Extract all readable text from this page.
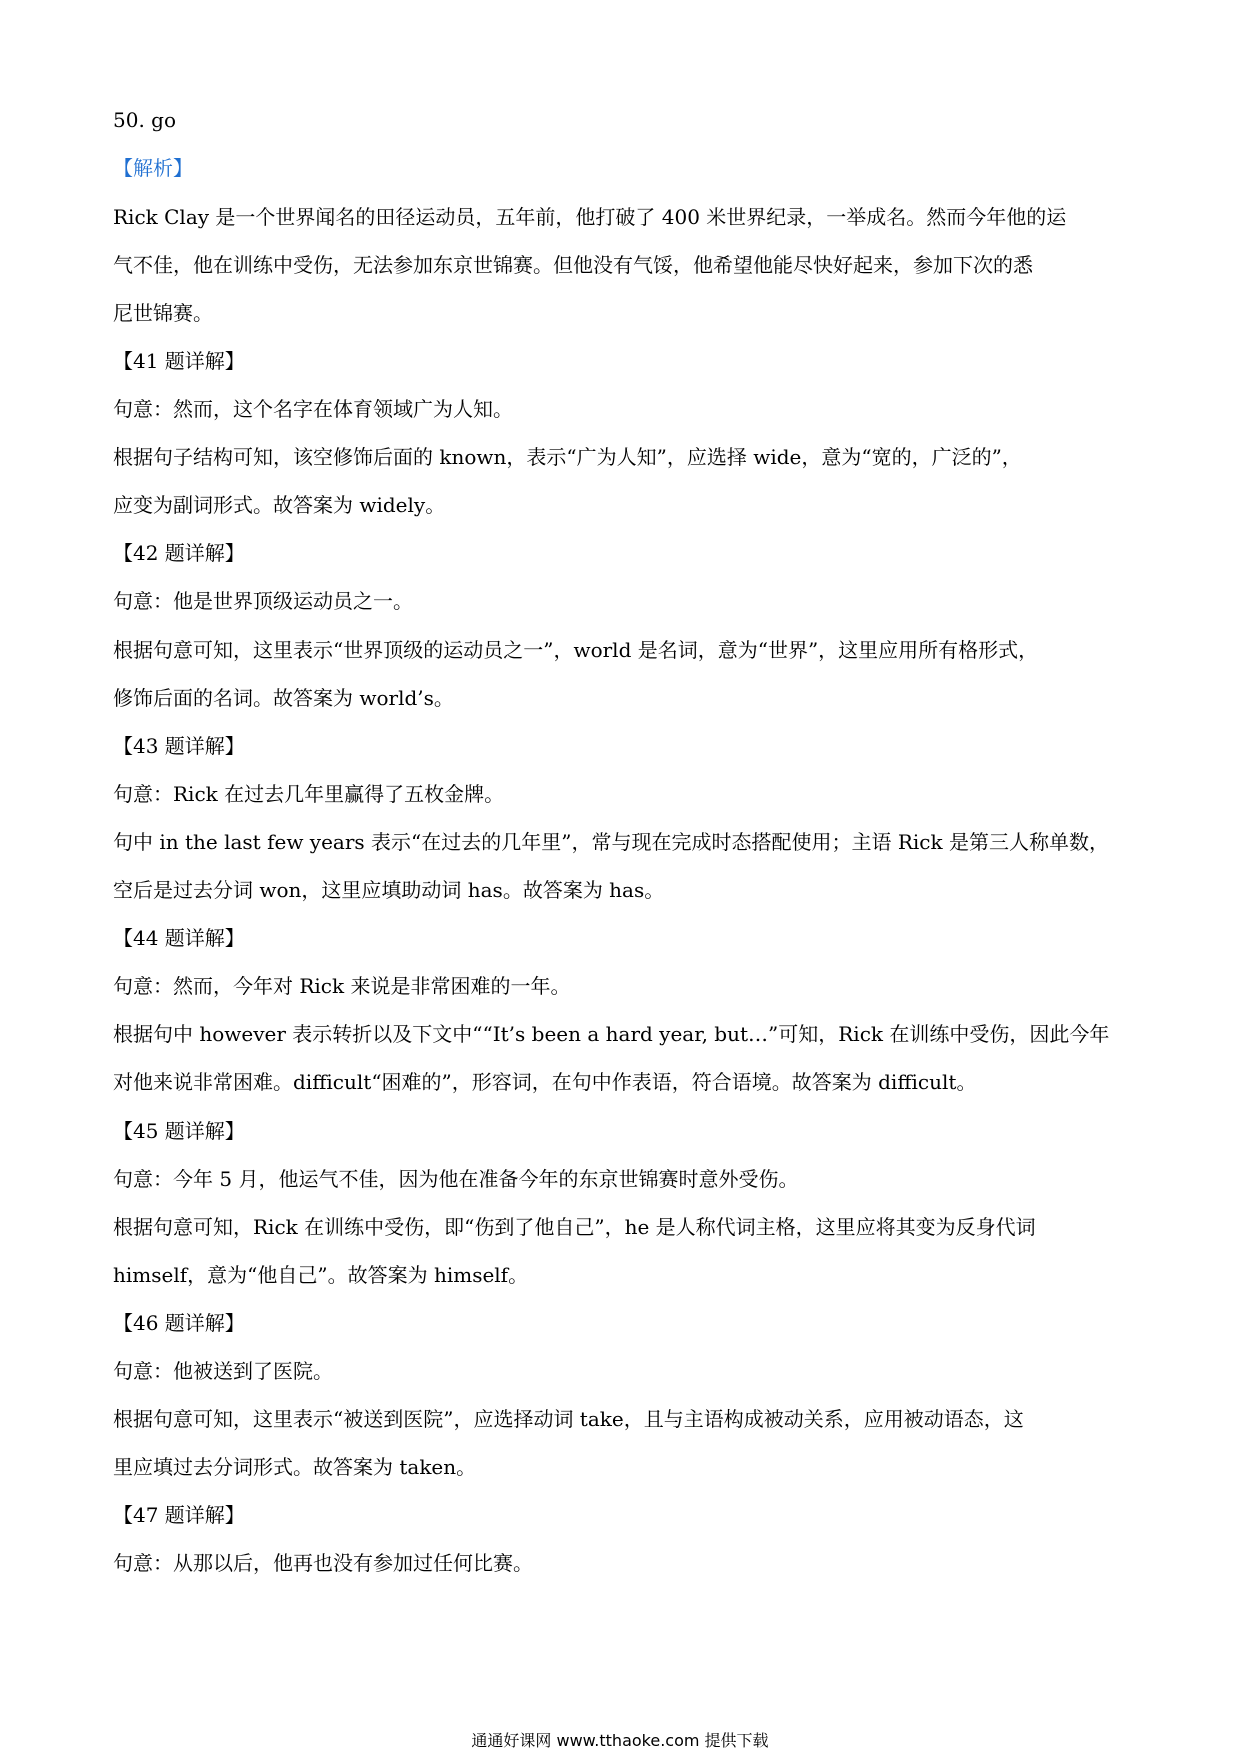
50. go
【解析】
Rick Clay 是一个世界闻名的田径运动员，五年前，他打破了 400 米世界纪录，一举成名。然而今年他的运
气不佳，他在训练中受伤，无法参加东京世锦赛。但他没有气馁，他希望他能尽快好起来，参加下次的悉
尼世锦赛。
【41 题详解】
句意：然而，这个名字在体育领域广为人知。
根据句子结构可知，该空修饰后面的 known，表示“广为人知”，应选择 wide，意为“宽的，广泛的”，
应变为副词形式。故答案为 widely。
【42 题详解】
句意：他是世界顶级运动员之一。
根据句意可知，这里表示“世界顶级的运动员之一”，world 是名词，意为“世界”，这里应用所有格形式，
修饰后面的名词。故答案为 world’s。
【43 题详解】
句意：Rick 在过去几年里赢得了五枚金牌。
句中 in the last few years 表示“在过去的几年里”，常与现在完成时态搭配使用；主语 Rick 是第三人称单数，
空后是过去分词 won，这里应填助动词 has。故答案为 has。
【44 题详解】
句意：然而，今年对 Rick 来说是非常困难的一年。
根据句中 however 表示转折以及下文中““It’s been a hard year, but…”可知，Rick 在训练中受伤，因此今年
对他来说非常困难。difficult“困难的”，形容词，在句中作表语，符合语境。故答案为 difficult。
【45 题详解】
句意：今年 5 月，他运气不佳，因为他在准备今年的东京世锦赛时意外受伤。
根据句意可知，Rick 在训练中受伤，即“伤到了他自己”，he 是人称代词主格，这里应将其变为反身代词
himself，意为“他自己”。故答案为 himself。
【46 题详解】
句意：他被送到了医院。
根据句意可知，这里表示“被送到医院”，应选择动词 take，且与主语构成被动关系，应用被动语态，这
里应填过去分词形式。故答案为 taken。
【47 题详解】
句意：从那以后，他再也没有参加过任何比赛。
通通好课网 www.tthaoke.com 提供下载
